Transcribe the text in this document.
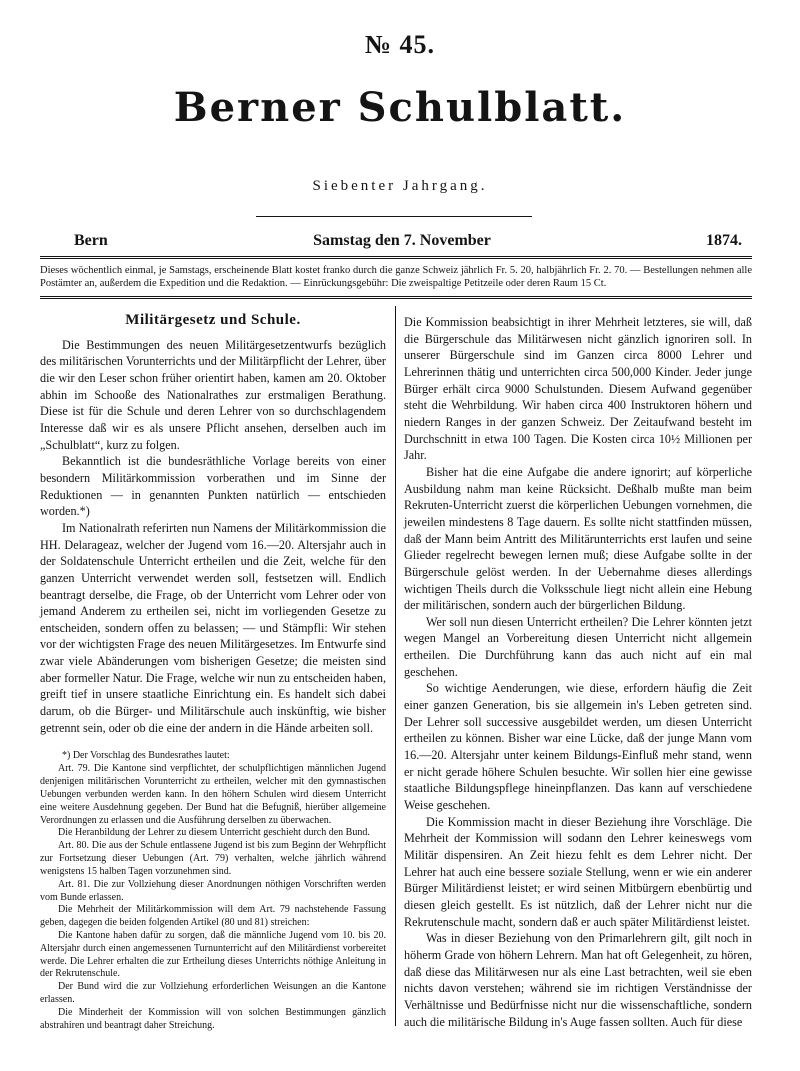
№ 45.
Berner Schulblatt.
Siebenter Jahrgang.
Bern	Samstag den 7. November	1874.
Dieses wöchentlich einmal, je Samstags, erscheinende Blatt kostet franko durch die ganze Schweiz jährlich Fr. 5. 20, halbjährlich Fr. 2. 70. — Bestellungen nehmen alle Postämter an, außerdem die Expedition und die Redaktion. — Einrückungsgebühr: Die zweispaltige Petitzeile oder deren Raum 15 Ct.
Militärgesetz und Schule.

Die Bestimmungen des neuen Militärgesetzentwurfs bezüglich des militärischen Vorunterrichts und der Militärpflicht der Lehrer, über die wir den Leser schon früher orientirt haben, kamen am 20. Oktober abhin im Schooße des Nationalrathes zur erstmaligen Berathung. Diese ist für die Schule und deren Lehrer von so durchschlagendem Interesse daß wir es als unsere Pflicht ansehen, derselben auch im „Schulblatt“, kurz zu folgen.

Bekanntlich ist die bundesräthliche Vorlage bereits von einer besondern Militärkommission vorberathen und im Sinne der Reduktionen — in genannten Punkten natürlich — entschieden worden.*)

Im Nationalrath referirten nun Namens der Militärkommission die HH. Delarageaz, welcher der Jugend vom 16.—20. Altersjahr auch in der Soldatenschule Unterricht ertheilen und die Zeit, welche für den ganzen Unterricht verwendet werden soll, festsetzen will. Endlich beantragt derselbe, die Frage, ob der Unterricht vom Lehrer oder von jemand Anderem zu ertheilen sei, nicht im vorliegenden Gesetze zu entscheiden, sondern offen zu belassen; — und Stämpfli: Wir stehen vor der wichtigsten Frage des neuen Militärgesetzes. Im Entwurfe sind zwar viele Abänderungen vom bisherigen Gesetze; die meisten sind aber formeller Natur. Die Frage, welche wir nun zu entscheiden haben, greift tief in unsere staatliche Einrichtung ein. Es handelt sich dabei darum, ob die Bürger- und Militärschule auch inskünftig, wie bisher getrennt sein, oder ob die eine der andern in die Hände arbeiten soll.

*) Der Vorschlag des Bundesrathes lautet:

Art. 79. Die Kantone sind verpflichtet, der schulpflichtigen männlichen Jugend denjenigen militärischen Vorunterricht zu ertheilen, welcher mit den gymnastischen Uebungen verbunden werden kann. In den höhern Schulen wird diesem Unterricht eine weitere Ausdehnung gegeben. Der Bund hat die Befugniß, hierüber allgemeine Verordnungen zu erlassen und die Ausführung derselben zu überwachen.

Die Heranbildung der Lehrer zu diesem Unterricht geschieht durch den Bund.

Art. 80. Die aus der Schule entlassene Jugend ist bis zum Beginn der Wehrpflicht zur Fortsetzung dieser Uebungen (Art. 79) verhalten, welche jährlich während wenigstens 15 halben Tagen vorzunehmen sind.

Art. 81. Die zur Vollziehung dieser Anordnungen nöthigen Vorschriften werden vom Bunde erlassen.

Die Mehrheit der Militärkommission will dem Art. 79 nachstehende Fassung geben, dagegen die beiden folgenden Artikel (80 und 81) streichen:

Die Kantone haben dafür zu sorgen, daß die männliche Jugend vom 10. bis 20. Altersjahr durch einen angemessenen Turnunterricht auf den Militärdienst vorbereitet werde. Die Lehrer erhalten die zur Ertheilung dieses Unterrichts nöthige Anleitung in der Rekrutenschule.

Der Bund wird die zur Vollziehung erforderlichen Weisungen an die Kantone erlassen.

Die Minderheit der Kommission will von solchen Bestimmungen gänzlich abstrahiren und beantragt daher Streichung.

Die Kommission beabsichtigt in ihrer Mehrheit letzteres, sie will, daß die Bürgerschule das Militärwesen nicht gänzlich ignoriren soll. In unserer Bürgerschule sind im Ganzen circa 8000 Lehrer und Lehrerinnen thätig und unterrichten circa 500,000 Kinder. Jeder junge Bürger erhält circa 9000 Schulstunden. Diesem Aufwand gegenüber steht die Wehrbildung. Wir haben circa 400 Instruktoren höhern und niedern Ranges in der ganzen Schweiz. Der Zeitaufwand besteht im Durchschnitt in etwa 100 Tagen. Die Kosten circa 10½ Millionen per Jahr.

Bisher hat die eine Aufgabe die andere ignorirt; auf körperliche Ausbildung nahm man keine Rücksicht. Deßhalb mußte man beim Rekruten-Unterricht zuerst die körperlichen Uebungen vornehmen, die jeweilen mindestens 8 Tage dauern. Es sollte nicht stattfinden müssen, daß der Mann beim Antritt des Militärunterrichts erst laufen und seine Glieder regelrecht bewegen lernen muß; diese Aufgabe sollte in der Bürgerschule gelöst werden. In der Uebernahme dieses allerdings wichtigen Theils durch die Volksschule liegt nicht allein eine Hebung der militärischen, sondern auch der bürgerlichen Bildung.

Wer soll nun diesen Unterricht ertheilen? Die Lehrer könnten jetzt wegen Mangel an Vorbereitung diesen Unterricht nicht allgemein ertheilen. Die Durchführung kann das auch nicht auf ein mal geschehen.

So wichtige Aenderungen, wie diese, erfordern häufig die Zeit einer ganzen Generation, bis sie allgemein in's Leben getreten sind. Der Lehrer soll successive ausgebildet werden, um diesen Unterricht ertheilen zu können. Bisher war eine Lücke, daß der junge Mann vom 16.—20. Altersjahr unter keinem Bildungs-Einfluß mehr stand, wenn er nicht gerade höhere Schulen besuchte. Wir sollen hier eine gewisse staatliche Bildungspflege hineinpflanzen. Das kann auf verschiedene Weise geschehen.

Die Kommission macht in dieser Beziehung ihre Vorschläge. Die Mehrheit der Kommission will sodann den Lehrer keineswegs vom Militär dispensiren. An Zeit hiezu fehlt es dem Lehrer nicht. Der Lehrer hat auch eine bessere soziale Stellung, wenn er wie ein anderer Bürger Militärdienst leistet; er wird seinen Mitbürgern ebenbürtig und diesen gleich gestellt. Es ist nützlich, daß der Lehrer nicht nur die Rekrutenschule macht, sondern daß er auch später Militärdienst leistet.

Was in dieser Beziehung von den Primarlehrern gilt, gilt noch in höherm Grade von höhern Lehrern. Man hat oft Gelegenheit, zu hören, daß diese das Militärwesen nur als eine Last betrachten, weil sie eben nichts davon verstehen; während sie im richtigen Verständnisse der Verhältnisse und Bedürfnisse nicht nur die wissenschaftliche, sondern auch die militärische Bildung in's Auge fassen sollten. Auch für diese
